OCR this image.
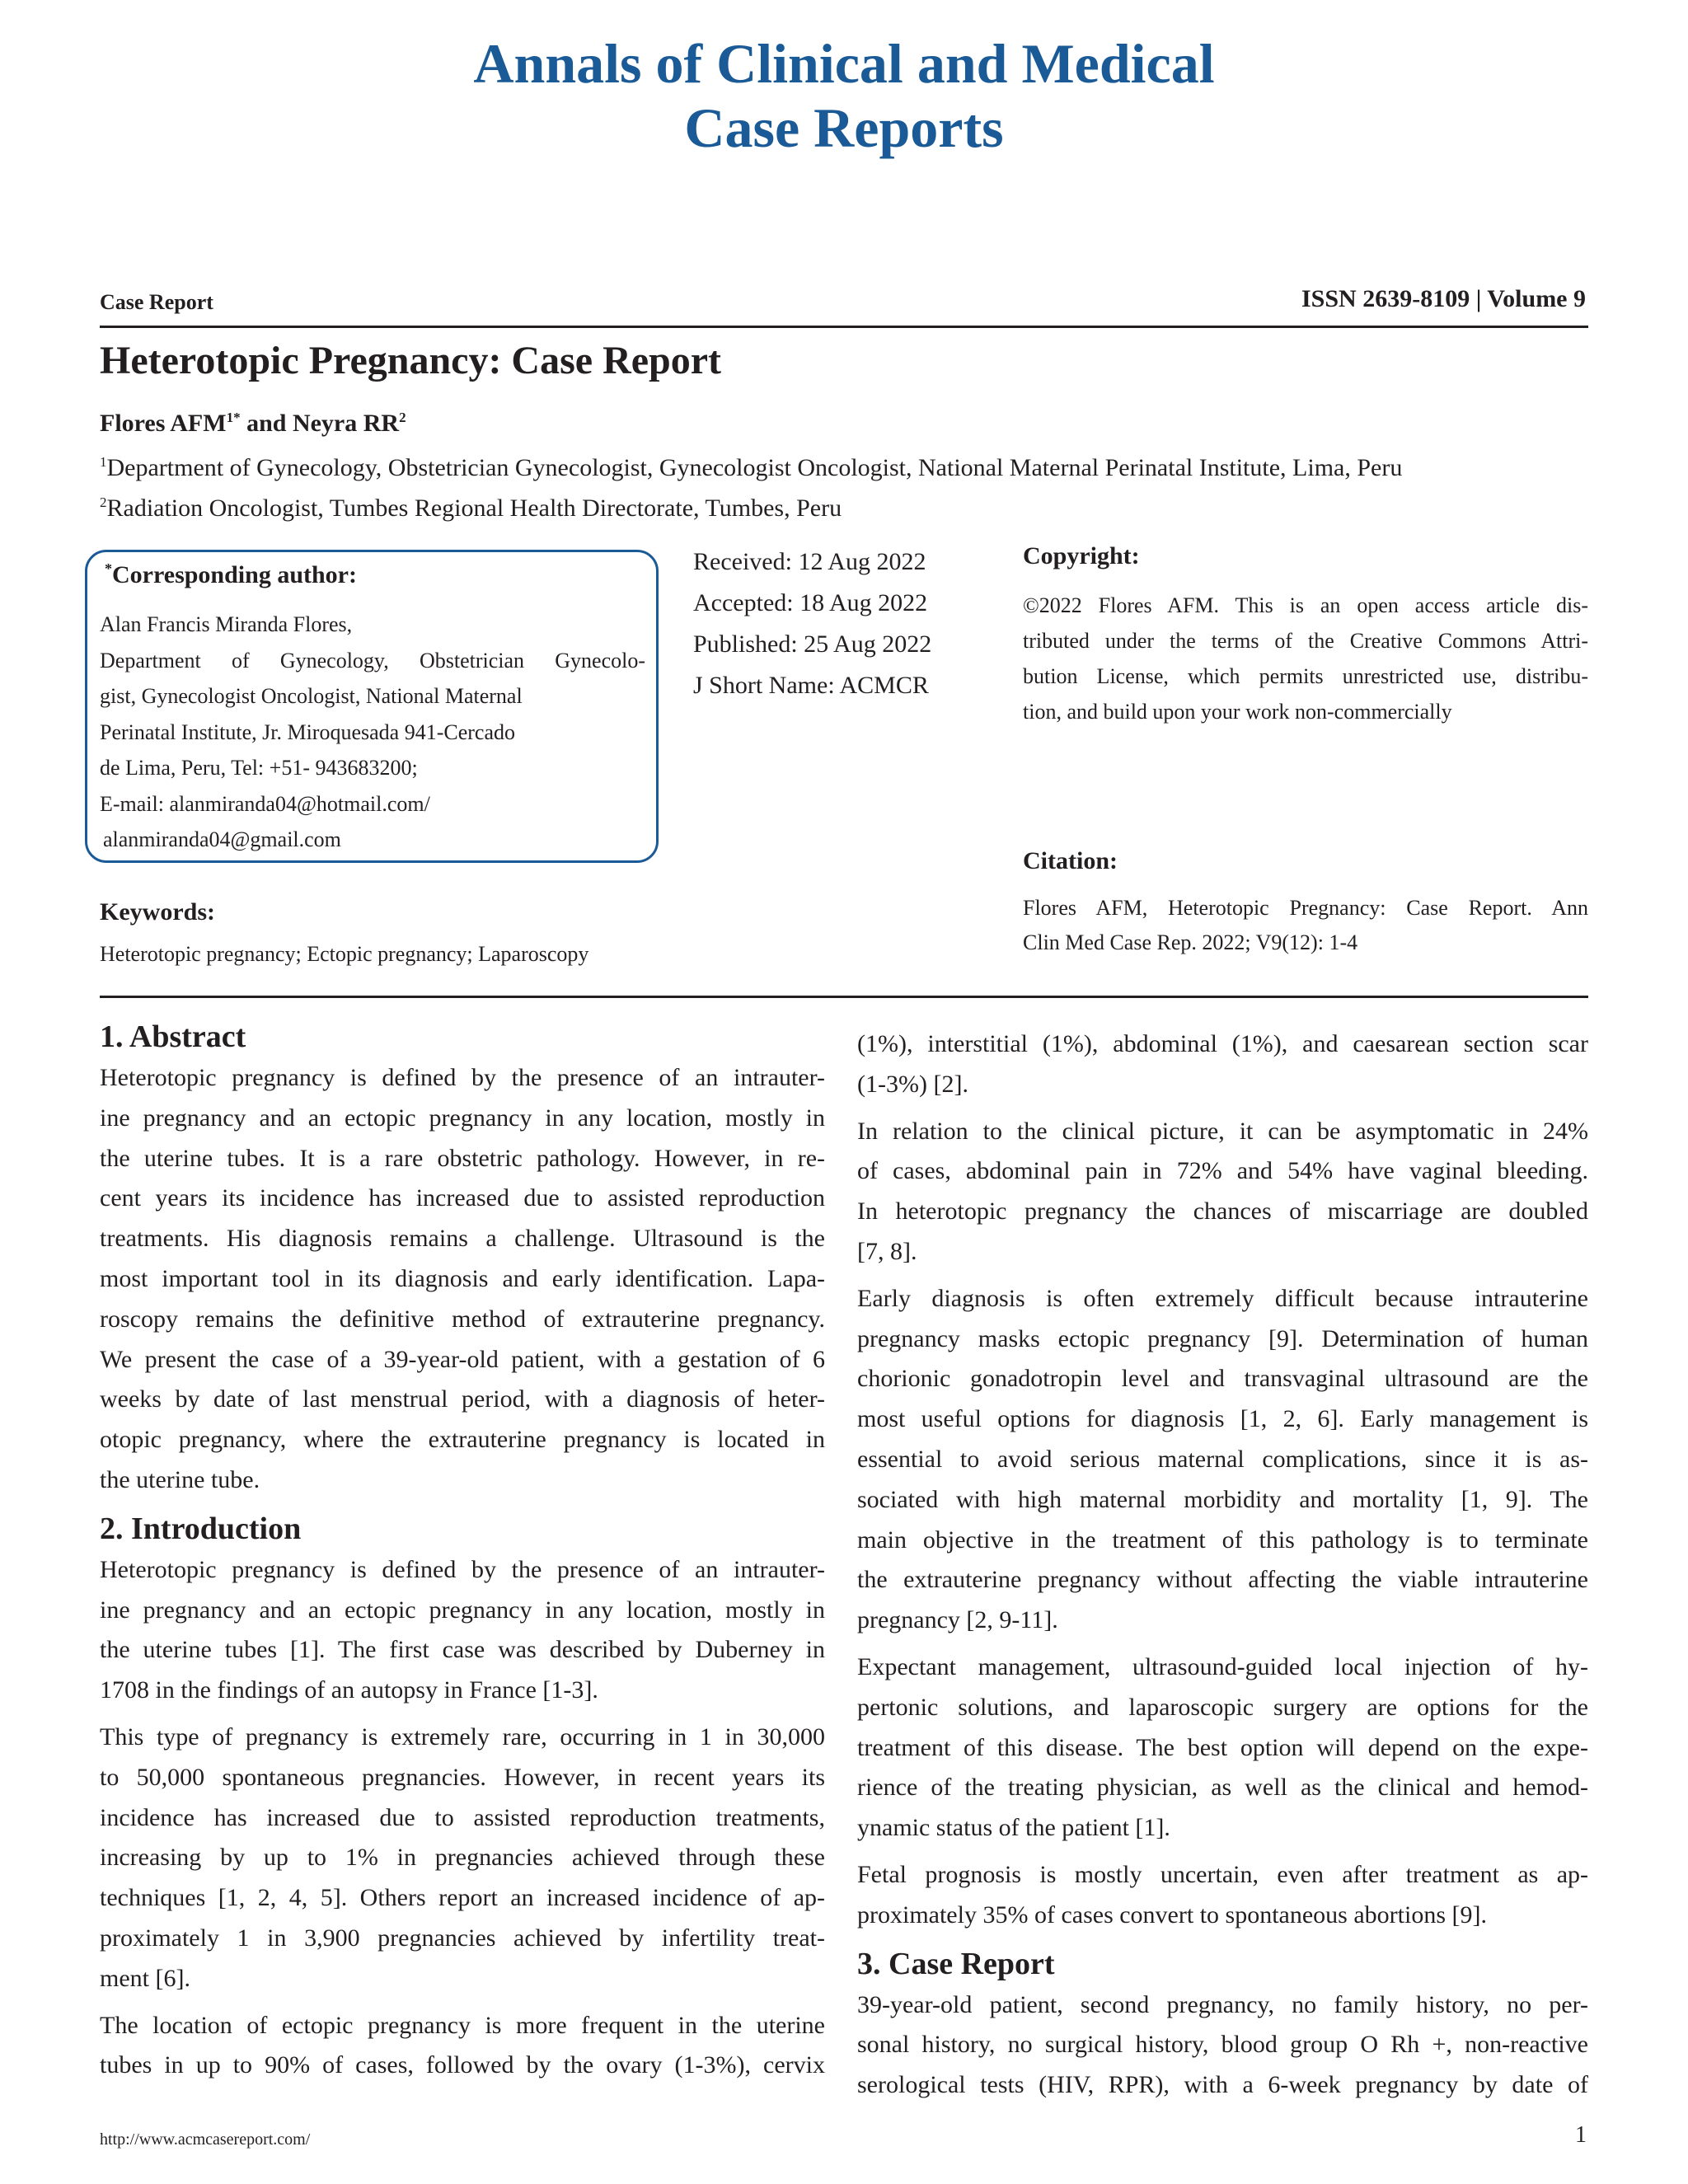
Annals of Clinical and Medical
Case Reports
Case Report	ISSN 2639-8109 | Volume 9
Heterotopic Pregnancy: Case Report
Flores $AFM^{1*}$ and Neyra $RR^2$
$^1$Department of Gynecology, Obstetrician Gynecologist, Gynecologist Oncologist, National Maternal Perinatal Institute, Lima, Peru
$^2$Radiation Oncologist, Tumbes Regional Health Directorate, Tumbes, Peru
*Corresponding author:
Alan Francis Miranda Flores,
Department of Gynecology, Obstetrician Gynecolo-
gist, Gynecologist Oncologist, National Maternal
Perinatal Institute, Jr. Miroquesada 941-Cercado
de Lima, Peru, Tel: +51- 943683200;
E-mail: alanmiranda04@hotmail.com/
alanmiranda04@gmail.com
Received: 12 Aug 2022
Accepted: 18 Aug 2022
Published: 25 Aug 2022
J Short Name: ACMCR
Copyright:
©2022 Flores AFM. This is an open access article dis-
tributed under the terms of the Creative Commons Attri-
bution License, which permits unrestricted use, distribu-
tion, and build upon your work non-commercially
Citation:
Flores AFM, Heterotopic Pregnancy: Case Report. Ann
Clin Med Case Rep. 2022; V9(12): 1-4
Keywords:
Heterotopic pregnancy; Ectopic pregnancy; Laparoscopy
1. Abstract
Heterotopic pregnancy is defined by the presence of an intrauter-
ine pregnancy and an ectopic pregnancy in any location, mostly in
the uterine tubes. It is a rare obstetric pathology. However, in re-
cent years its incidence has increased due to assisted reproduction
treatments. His diagnosis remains a challenge. Ultrasound is the
most important tool in its diagnosis and early identification. Lapa-
roscopy remains the definitive method of extrauterine pregnancy.
We present the case of a 39-year-old patient, with a gestation of 6
weeks by date of last menstrual period, with a diagnosis of heter-
otopic pregnancy, where the extrauterine pregnancy is located in
the uterine tube.
2. Introduction
Heterotopic pregnancy is defined by the presence of an intrauter-
ine pregnancy and an ectopic pregnancy in any location, mostly in
the uterine tubes [1]. The first case was described by Duberney in
1708 in the findings of an autopsy in France [1-3].
This type of pregnancy is extremely rare, occurring in 1 in 30,000
to 50,000 spontaneous pregnancies. However, in recent years its
incidence has increased due to assisted reproduction treatments,
increasing by up to 1% in pregnancies achieved through these
techniques [1, 2, 4, 5]. Others report an increased incidence of ap-
proximately 1 in 3,900 pregnancies achieved by infertility treat-
ment [6].
The location of ectopic pregnancy is more frequent in the uterine
tubes in up to 90% of cases, followed by the ovary (1-3%), cervix
(1%), interstitial (1%), abdominal (1%), and caesarean section scar
(1-3%) [2].
In relation to the clinical picture, it can be asymptomatic in 24%
of cases, abdominal pain in 72% and 54% have vaginal bleeding.
In heterotopic pregnancy the chances of miscarriage are doubled
[7, 8].
Early diagnosis is often extremely difficult because intrauterine
pregnancy masks ectopic pregnancy [9]. Determination of human
chorionic gonadotropin level and transvaginal ultrasound are the
most useful options for diagnosis [1, 2, 6]. Early management is
essential to avoid serious maternal complications, since it is as-
sociated with high maternal morbidity and mortality [1, 9]. The
main objective in the treatment of this pathology is to terminate
the extrauterine pregnancy without affecting the viable intrauterine
pregnancy [2, 9-11].
Expectant management, ultrasound-guided local injection of hy-
pertonic solutions, and laparoscopic surgery are options for the
treatment of this disease. The best option will depend on the expe-
rience of the treating physician, as well as the clinical and hemod-
ynamic status of the patient [1].
Fetal prognosis is mostly uncertain, even after treatment as ap-
proximately 35% of cases convert to spontaneous abortions [9].
3. Case Report
39-year-old patient, second pregnancy, no family history, no per-
sonal history, no surgical history, blood group O Rh +, non-reactive
serological tests (HIV, RPR), with a 6-week pregnancy by date of
http://www.acmcasereport.com/	1
